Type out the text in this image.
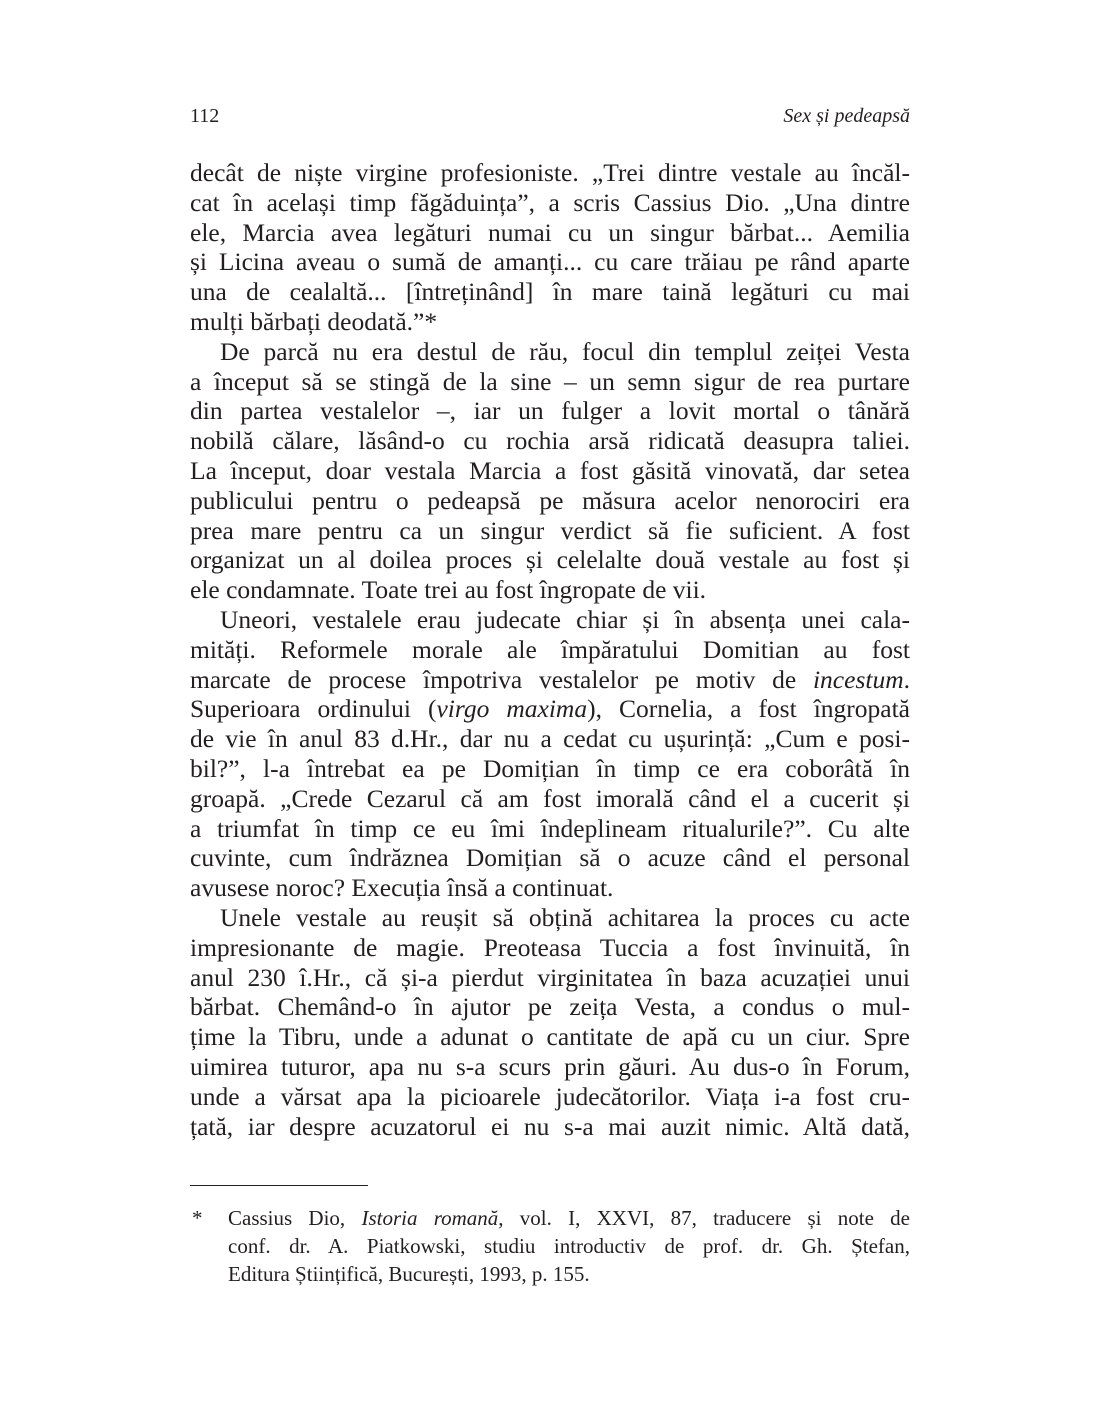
112	Sex și pedeapsă
decât de niște virgine profesioniste. „Trei dintre vestale au încăl-
cat în același timp făgăduința”, a scris Cassius Dio. „Una dintre
ele, Marcia avea legături numai cu un singur bărbat... Aemilia
și Licina aveau o sumă de amanți... cu care trăiau pe rând aparte
una de cealaltă... [întreținând] în mare taină legături cu mai
mulți bărbați deodată.”*
De parcă nu era destul de rău, focul din templul zeiței Vesta
a început să se stingă de la sine – un semn sigur de rea purtare
din partea vestalelor –, iar un fulger a lovit mortal o tânără
nobilă călare, lăsând-o cu rochia arsă ridicată deasupra taliei.
La început, doar vestala Marcia a fost găsită vinovată, dar setea
publicului pentru o pedeapsă pe măsura acelor nenorociri era
prea mare pentru ca un singur verdict să fie suficient. A fost
organizat un al doilea proces și celelalte două vestale au fost și
ele condamnate. Toate trei au fost îngropate de vii.
Uneori, vestalele erau judecate chiar și în absența unei cala-
mități. Reformele morale ale împăratului Domitian au fost
marcate de procese împotriva vestalelor pe motiv de incestum.
Superioara ordinului (virgo maxima), Cornelia, a fost îngropată
de vie în anul 83 d.Hr., dar nu a cedat cu ușurință: „Cum e posi-
bil?”, l-a întrebat ea pe Domițian în timp ce era coborâtă în
groapă. „Crede Cezarul că am fost imorală când el a cucerit și
a triumfat în timp ce eu îmi îndeplineam ritualurile?”. Cu alte
cuvinte, cum îndrăznea Domițian să o acuze când el personal
avusese noroc? Execuția însă a continuat.
Unele vestale au reușit să obțină achitarea la proces cu acte
impresionante de magie. Preoteasa Tuccia a fost învinuită, în
anul 230 î.Hr., că și-a pierdut virginitatea în baza acuzației unui
bărbat. Chemând-o în ajutor pe zeița Vesta, a condus o mul-
țime la Tibru, unde a adunat o cantitate de apă cu un ciur. Spre
uimirea tuturor, apa nu s-a scurs prin găuri. Au dus-o în Forum,
unde a vărsat apa la picioarele judecătorilor. Viața i-a fost cru-
țată, iar despre acuzatorul ei nu s-a mai auzit nimic. Altă dată,
* Cassius Dio, Istoria romană, vol. I, XXVI, 87, traducere și note de
conf. dr. A. Piatkowski, studiu introductiv de prof. dr. Gh. Ștefan,
Editura Științifică, București, 1993, p. 155.
